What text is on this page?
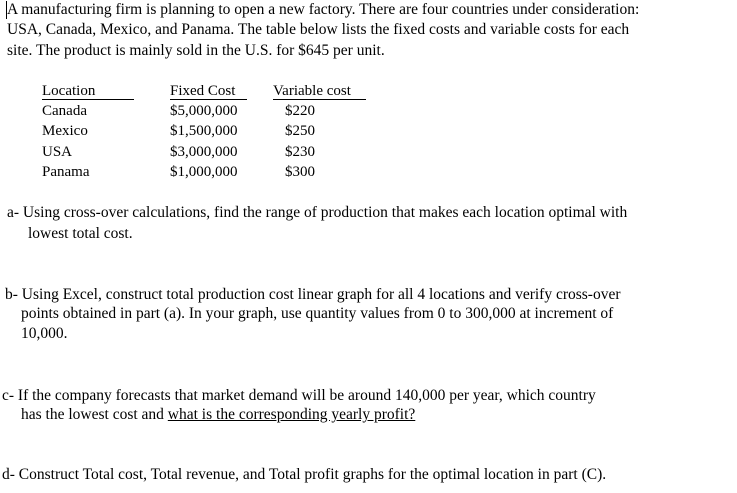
A manufacturing firm is planning to open a new factory. There are four countries under consideration:
USA, Canada, Mexico, and Panama. The table below lists the fixed costs and variable costs for each
site. The product is mainly sold in the U.S. for $645 per unit.
Location	Fixed Cost	Variable cost
Canada	$5,000,000	$220
Mexico	$1,500,000	$250
USA	$3,000,000	$230
Panama	$1,000,000	$300
a- Using cross-over calculations, find the range of production that makes each location optimal with
lowest total cost.
b- Using Excel, construct total production cost linear graph for all 4 locations and verify cross-over
points obtained in part (a). In your graph, use quantity values from 0 to 300,000 at increment of
10,000.
c- If the company forecasts that market demand will be around 140,000 per year, which country
has the lowest cost and what is the corresponding yearly profit?
d- Construct Total cost, Total revenue, and Total profit graphs for the optimal location in part (C).
